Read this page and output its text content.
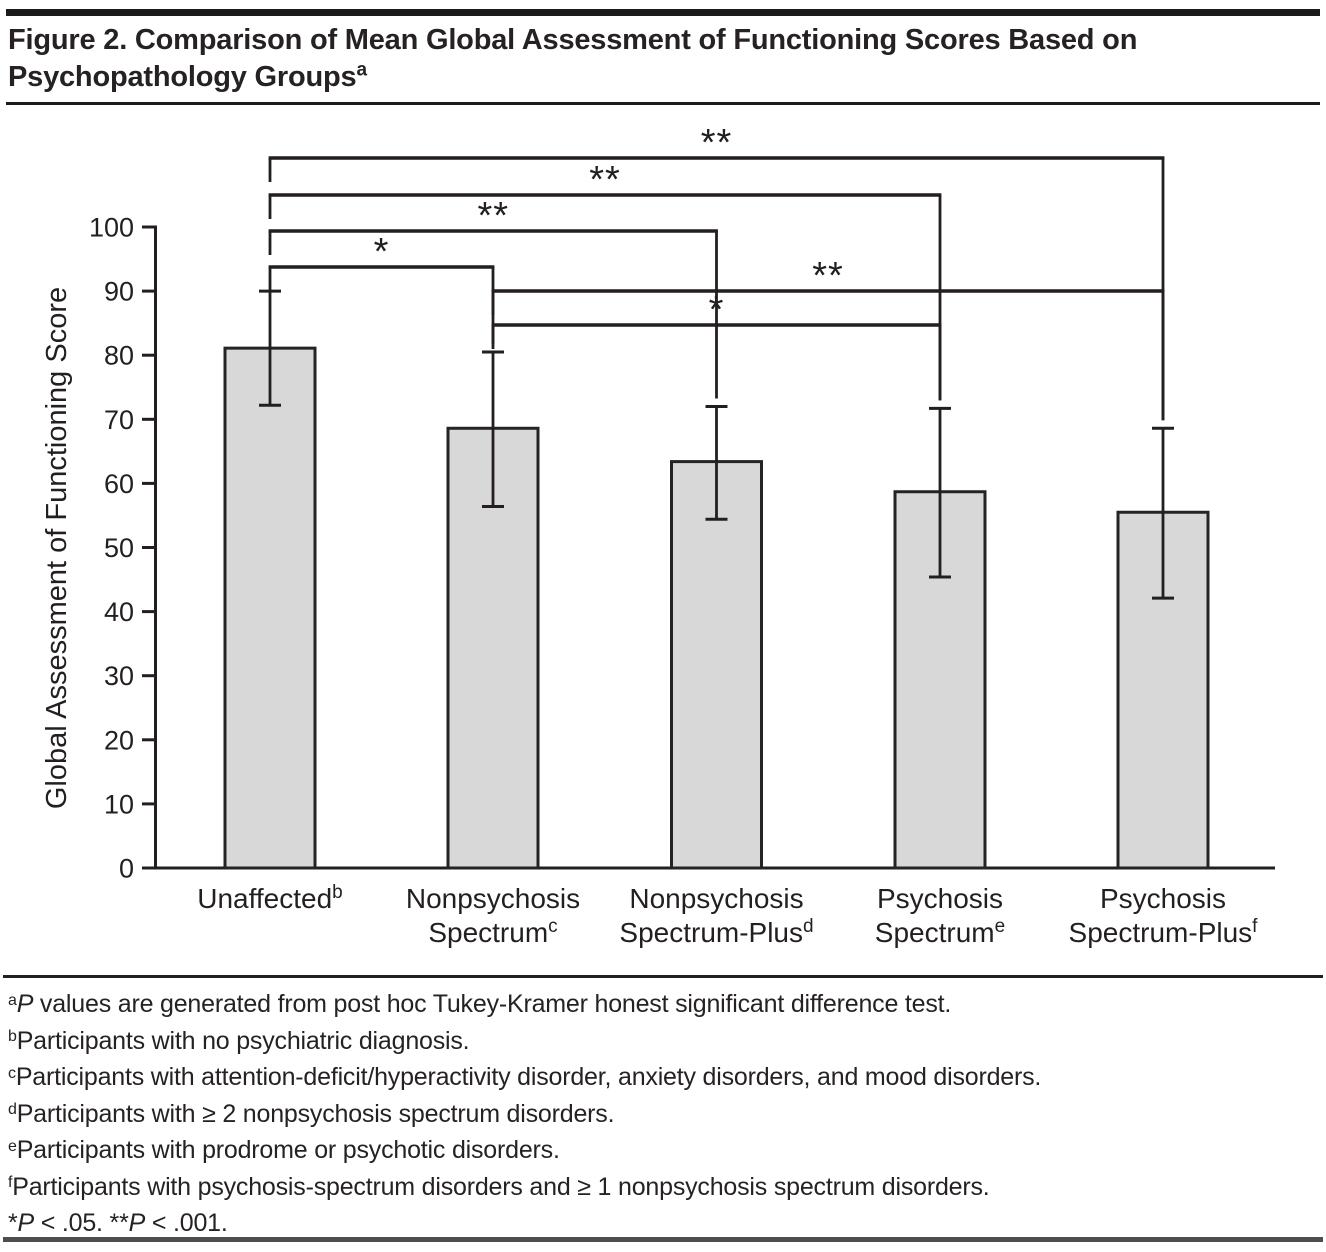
Figure 2. Comparison of Mean Global Assessment of Functioning Scores Based on Psychopathology Groups$^a$
0
10
20
30
40
50
60
70
80
90
100
Global Assessment of Functioning Score
**
**
**
*
**
*
Unaffected$^b$ Nonpsychosis
Spectrum$^c$
Nonpsychosis
Spectrum-Plus$^d$
Psychosis
Spectrum$^e$
Psychosis
Spectrum-Plus$^f$
$^a$P values are generated from post hoc Tukey-Kramer honest significant difference test.
$^b$Participants with no psychiatric diagnosis.
$^c$Participants with attention-deficit/hyperactivity disorder, anxiety disorders, and mood disorders.
$^d$Participants with ≥ 2 nonpsychosis spectrum disorders.
$^e$Participants with prodrome or psychotic disorders.
$^f$Participants with psychosis-spectrum disorders and ≥ 1 nonpsychosis spectrum disorders.
*P < .05. **P < .001.
